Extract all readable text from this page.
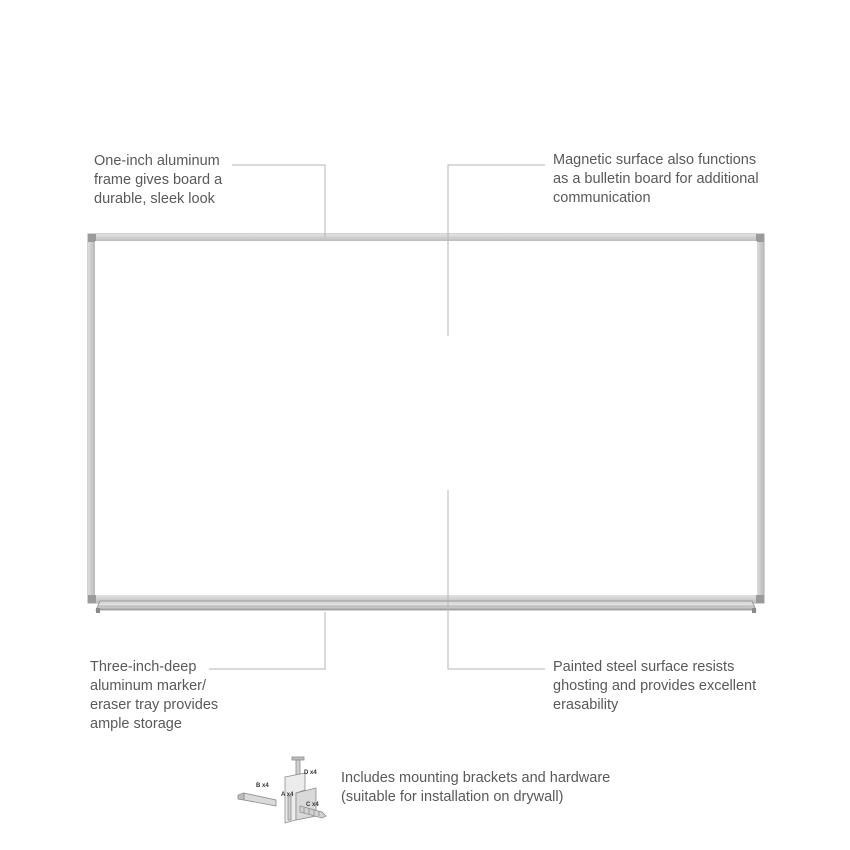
D x4
B x4
A x4
C x4

One-inch aluminum
frame gives board a
durable, sleek look

Magnetic surface also functions
as a bulletin board for additional
communication

Three-inch-deep
aluminum marker/
eraser tray provides
ample storage

Painted steel surface resists
ghosting and provides excellent
erasability

Includes mounting brackets and hardware
(suitable for installation on drywall)
